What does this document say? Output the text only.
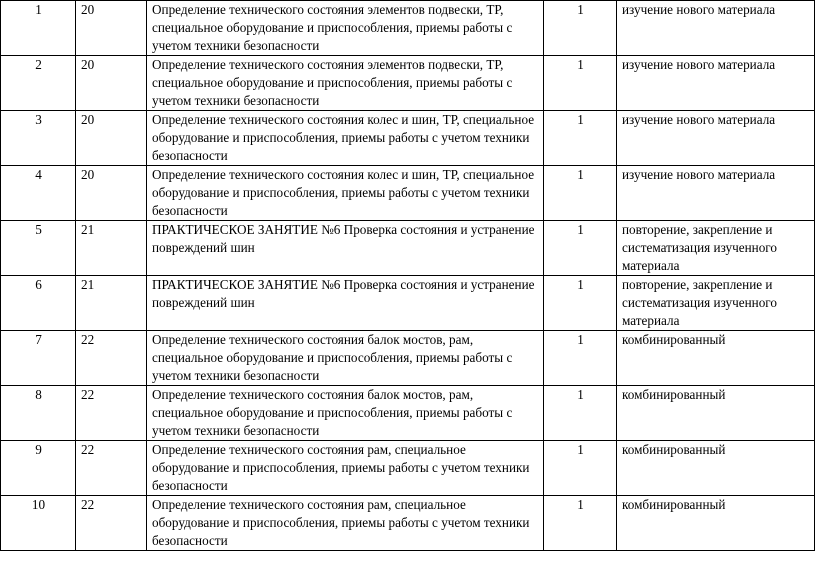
1	20	Определение технического состояния элементов подвески, ТР, специальное оборудование и приспособления, приемы работы с учетом техники безопасности	1	изучение нового материала
2	20	Определение технического состояния элементов подвески, ТР, специальное оборудование и приспособления, приемы работы с учетом техники безопасности	1	изучение нового материала
3	20	Определение технического состояния колес и шин, ТР, специальное оборудование и приспособления, приемы работы с учетом техники безопасности	1	изучение нового материала
4	20	Определение технического состояния колес и шин, ТР, специальное оборудование и приспособления, приемы работы с учетом техники безопасности	1	изучение нового материала
5	21	ПРАКТИЧЕСКОЕ ЗАНЯТИЕ №6 Проверка состояния и устранение повреждений шин	1	повторение, закрепление и систематизация изученного материала
6	21	ПРАКТИЧЕСКОЕ ЗАНЯТИЕ №6 Проверка состояния и устранение повреждений шин	1	повторение, закрепление и систематизация изученного материала
7	22	Определение технического состояния балок мостов, рам, специальное оборудование и приспособления, приемы работы с учетом техники безопасности	1	комбинированный
8	22	Определение технического состояния балок мостов, рам, специальное оборудование и приспособления, приемы работы с учетом техники безопасности	1	комбинированный
9	22	Определение технического состояния рам, специальное оборудование и приспособления, приемы работы с учетом техники безопасности	1	комбинированный
10	22	Определение технического состояния рам, специальное оборудование и приспособления, приемы работы с учетом техники безопасности	1	комбинированный
